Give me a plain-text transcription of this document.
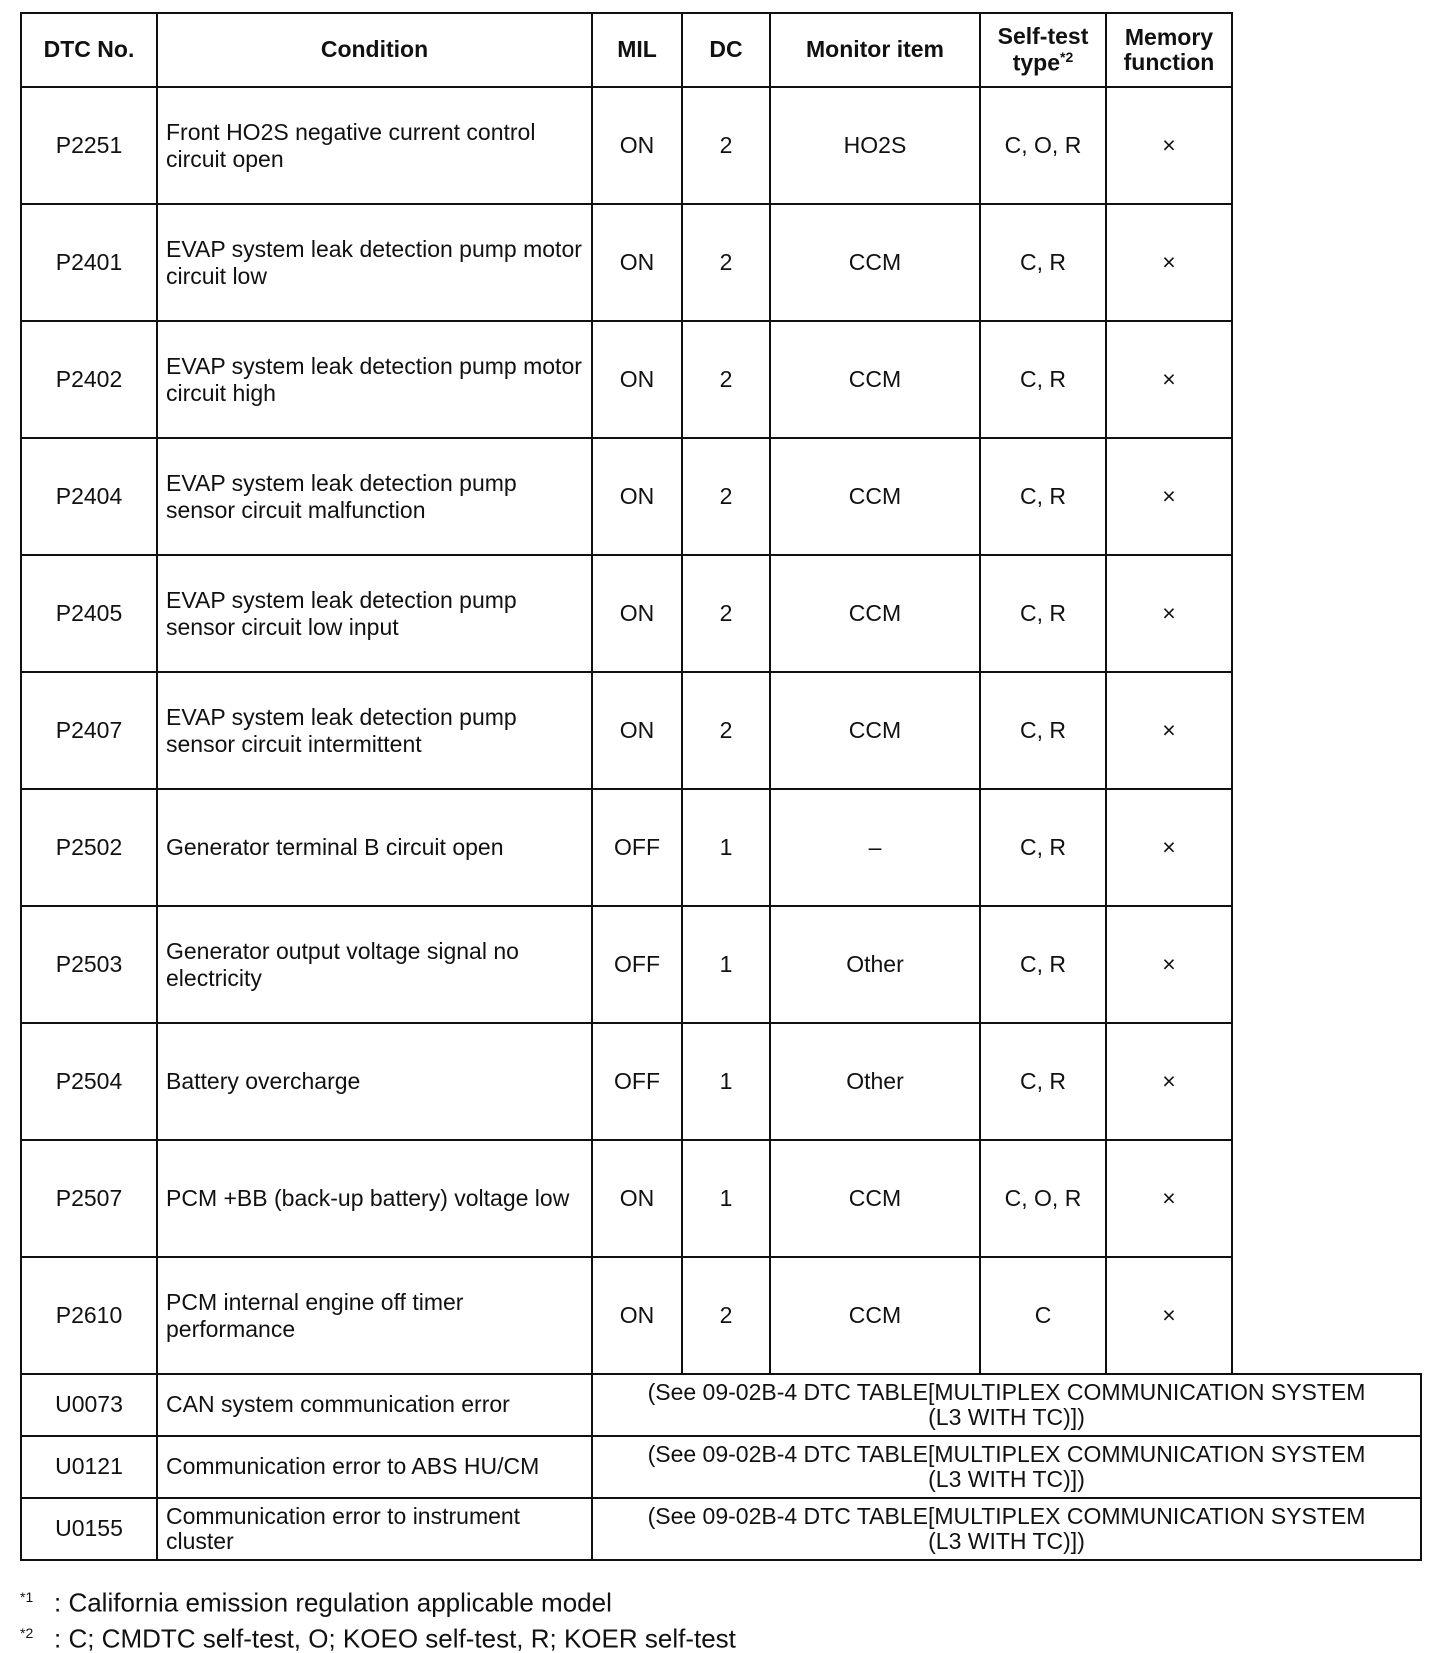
DTC No.	Condition	MIL	DC	Monitor item	Self-test type$^{*2}$	Memory function	
P2251	Front HO2S negative current control circuit open	ON	2	HO2S	C, O, R	×	
P2401	EVAP system leak detection pump motor circuit low	ON	2	CCM	C, R	×	
P2402	EVAP system leak detection pump motor circuit high	ON	2	CCM	C, R	×	
P2404	EVAP system leak detection pump sensor circuit malfunction	ON	2	CCM	C, R	×	
P2405	EVAP system leak detection pump sensor circuit low input	ON	2	CCM	C, R	×	
P2407	EVAP system leak detection pump sensor circuit intermittent	ON	2	CCM	C, R	×	
P2502	Generator terminal B circuit open	OFF	1	–	C, R	×	
P2503	Generator output voltage signal no electricity	OFF	1	Other	C, R	×	
P2504	Battery overcharge	OFF	1	Other	C, R	×	
P2507	PCM +BB (back-up battery) voltage low	ON	1	CCM	C, O, R	×	
P2610	PCM internal engine off timer performance	ON	2	CCM	C	×	
U0073	CAN system communication error	(See 09-02B-4 DTC TABLE[MULTIPLEX COMMUNICATION SYSTEM
(L3 WITH TC)])					
U0121	Communication error to ABS HU/CM	(See 09-02B-4 DTC TABLE[MULTIPLEX COMMUNICATION SYSTEM
(L3 WITH TC)])					
U0155	Communication error to instrument cluster	(See 09-02B-4 DTC TABLE[MULTIPLEX COMMUNICATION SYSTEM
(L3 WITH TC)])					
$^{*1}$ : California emission regulation applicable model
$^{*2}$ : C; CMDTC self-test, O; KOEO self-test, R; KOER self-test
